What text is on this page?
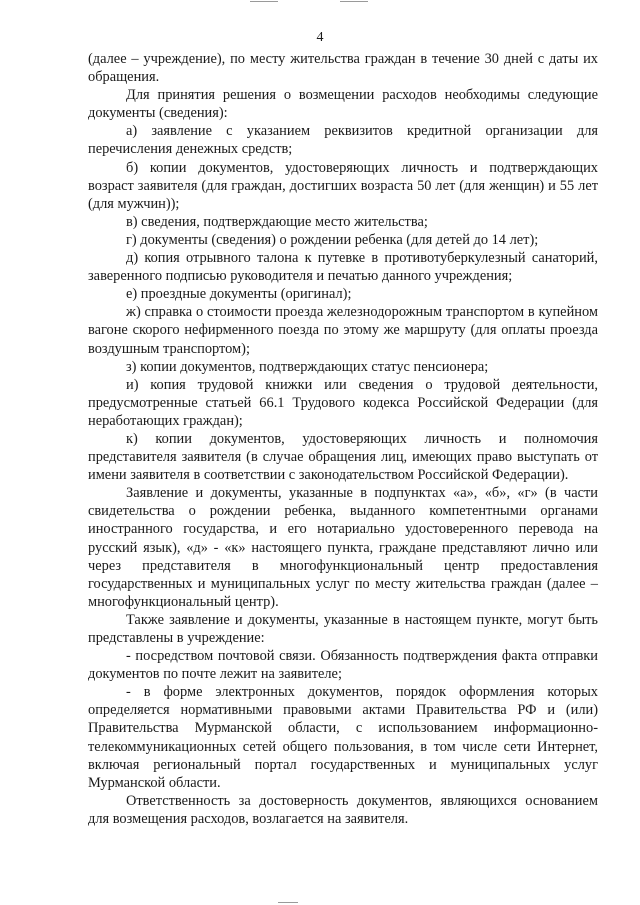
4

(далее – учреждение), по месту жительства граждан в течение 30 дней с даты их обращения.

Для принятия решения о возмещении расходов необходимы следующие документы (сведения):

а) заявление с указанием реквизитов кредитной организации для перечисления денежных средств;

б) копии документов, удостоверяющих личность и подтверждающих возраст заявителя (для граждан, достигших возраста 50 лет (для женщин) и 55 лет (для мужчин));

в) сведения, подтверждающие место жительства;

г) документы (сведения) о рождении ребенка (для детей до 14 лет);

д) копия отрывного талона к путевке в противотуберкулезный санаторий, заверенного подписью руководителя и печатью данного учреждения;

е) проездные документы (оригинал);

ж) справка о стоимости проезда железнодорожным транспортом в купейном вагоне скорого нефирменного поезда по этому же маршруту (для оплаты проезда воздушным транспортом);

з) копии документов, подтверждающих статус пенсионера;

и) копия трудовой книжки или сведения о трудовой деятельности, предусмотренные статьей 66.1 Трудового кодекса Российской Федерации (для неработающих граждан);

к) копии документов, удостоверяющих личность и полномочия представителя заявителя (в случае обращения лиц, имеющих право выступать от имени заявителя в соответствии с законодательством Российской Федерации).

Заявление и документы, указанные в подпунктах «а», «б», «г» (в части свидетельства о рождении ребенка, выданного компетентными органами иностранного государства, и его нотариально удостоверенного перевода на русский язык), «д» - «к» настоящего пункта, граждане представляют лично или через представителя в многофункциональный центр предоставления государственных и муниципальных услуг по месту жительства граждан (далее – многофункциональный центр).

Также заявление и документы, указанные в настоящем пункте, могут быть представлены в учреждение:

- посредством почтовой связи. Обязанность подтверждения факта отправки документов по почте лежит на заявителе;

- в форме электронных документов, порядок оформления которых определяется нормативными правовыми актами Правительства РФ и (или) Правительства Мурманской области, с использованием информационно-телекоммуникационных сетей общего пользования, в том числе сети Интернет, включая региональный портал государственных и муниципальных услуг Мурманской области.

Ответственность за достоверность документов, являющихся основанием для возмещения расходов, возлагается на заявителя.
